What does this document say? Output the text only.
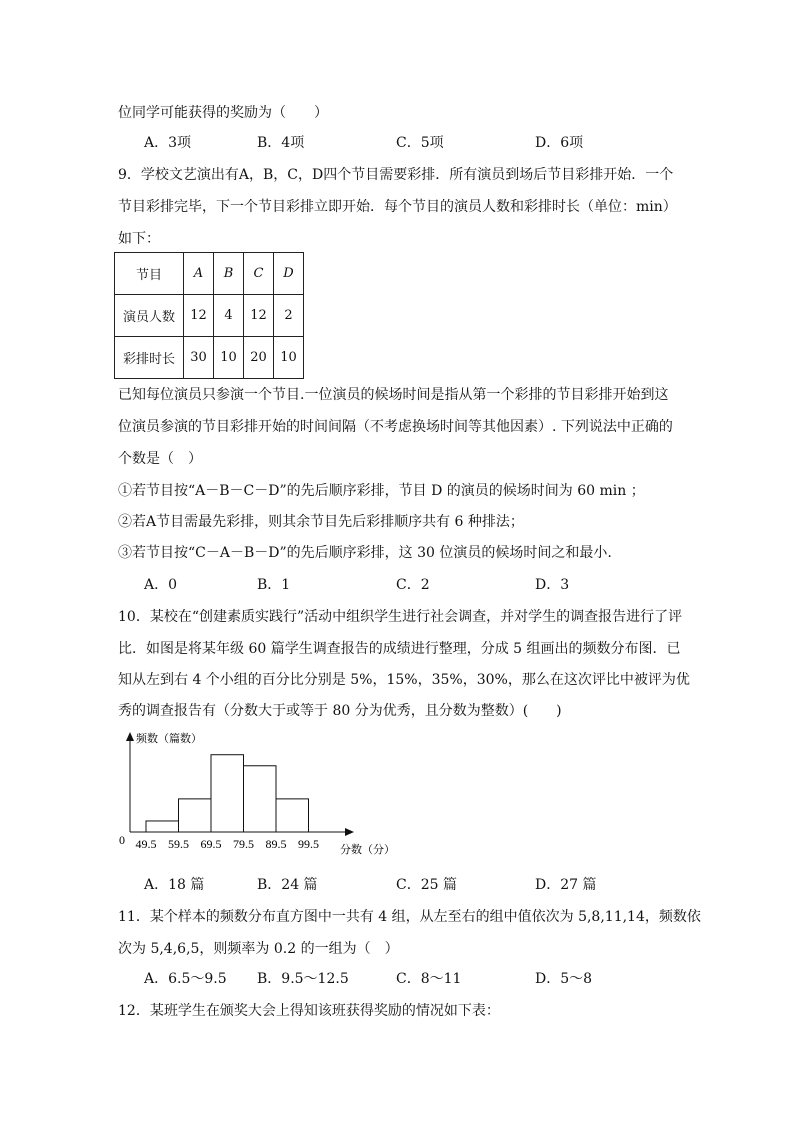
位同学可能获得的奖励为（　　）
A．3项	B．4项	C．5项	D．6项
9．学校文艺演出有A，B，C，D四个节目需要彩排．所有演员到场后节目彩排开始．一个
节目彩排完毕，下一个节目彩排立即开始．每个节目的演员人数和彩排时长（单位：min）
如下：
节目	A	B	C	D
演员人数	12	4	12	2
彩排时长	30	10	20	10
已知每位演员只参演一个节目.一位演员的候场时间是指从第一个彩排的节目彩排开始到这
位演员参演的节目彩排开始的时间间隔（不考虑换场时间等其他因素）. 下列说法中正确的
个数是（　）
①若节目按“A－B－C－D”的先后顺序彩排，节目 D 的演员的候场时间为 60 min ；
②若A节目需最先彩排，则其余节目先后彩排顺序共有 6 种排法；
③若节目按“C－A－B－D”的先后顺序彩排，这 30 位演员的候场时间之和最小.
A．0	B．1	C．2	D．3
10．某校在“创建素质实践行”活动中组织学生进行社会调查，并对学生的调查报告进行了评
比．如图是将某年级 60 篇学生调查报告的成绩进行整理，分成 5 组画出的频数分布图．已
知从左到右 4 个小组的百分比分别是 5%，15%，35%，30%，那么在这次评比中被评为优
秀的调查报告有（分数大于或等于 80 分为优秀，且分数为整数）(　　)
频数（篇数）
0
分数（分）
49.5 59.5 69.5 79.5 89.5 99.5
A．18 篇	B．24 篇	C．25 篇	D．27 篇
11．某个样本的频数分布直方图中一共有 4 组，从左至右的组中值依次为 5,8,11,14，频数依
次为 5,4,6,5，则频率为 0.2 的一组为（　）
A．6.5～9.5 B．9.5～12.5	C．8～11	D．5～8
12．某班学生在颁奖大会上得知该班获得奖励的情况如下表：
